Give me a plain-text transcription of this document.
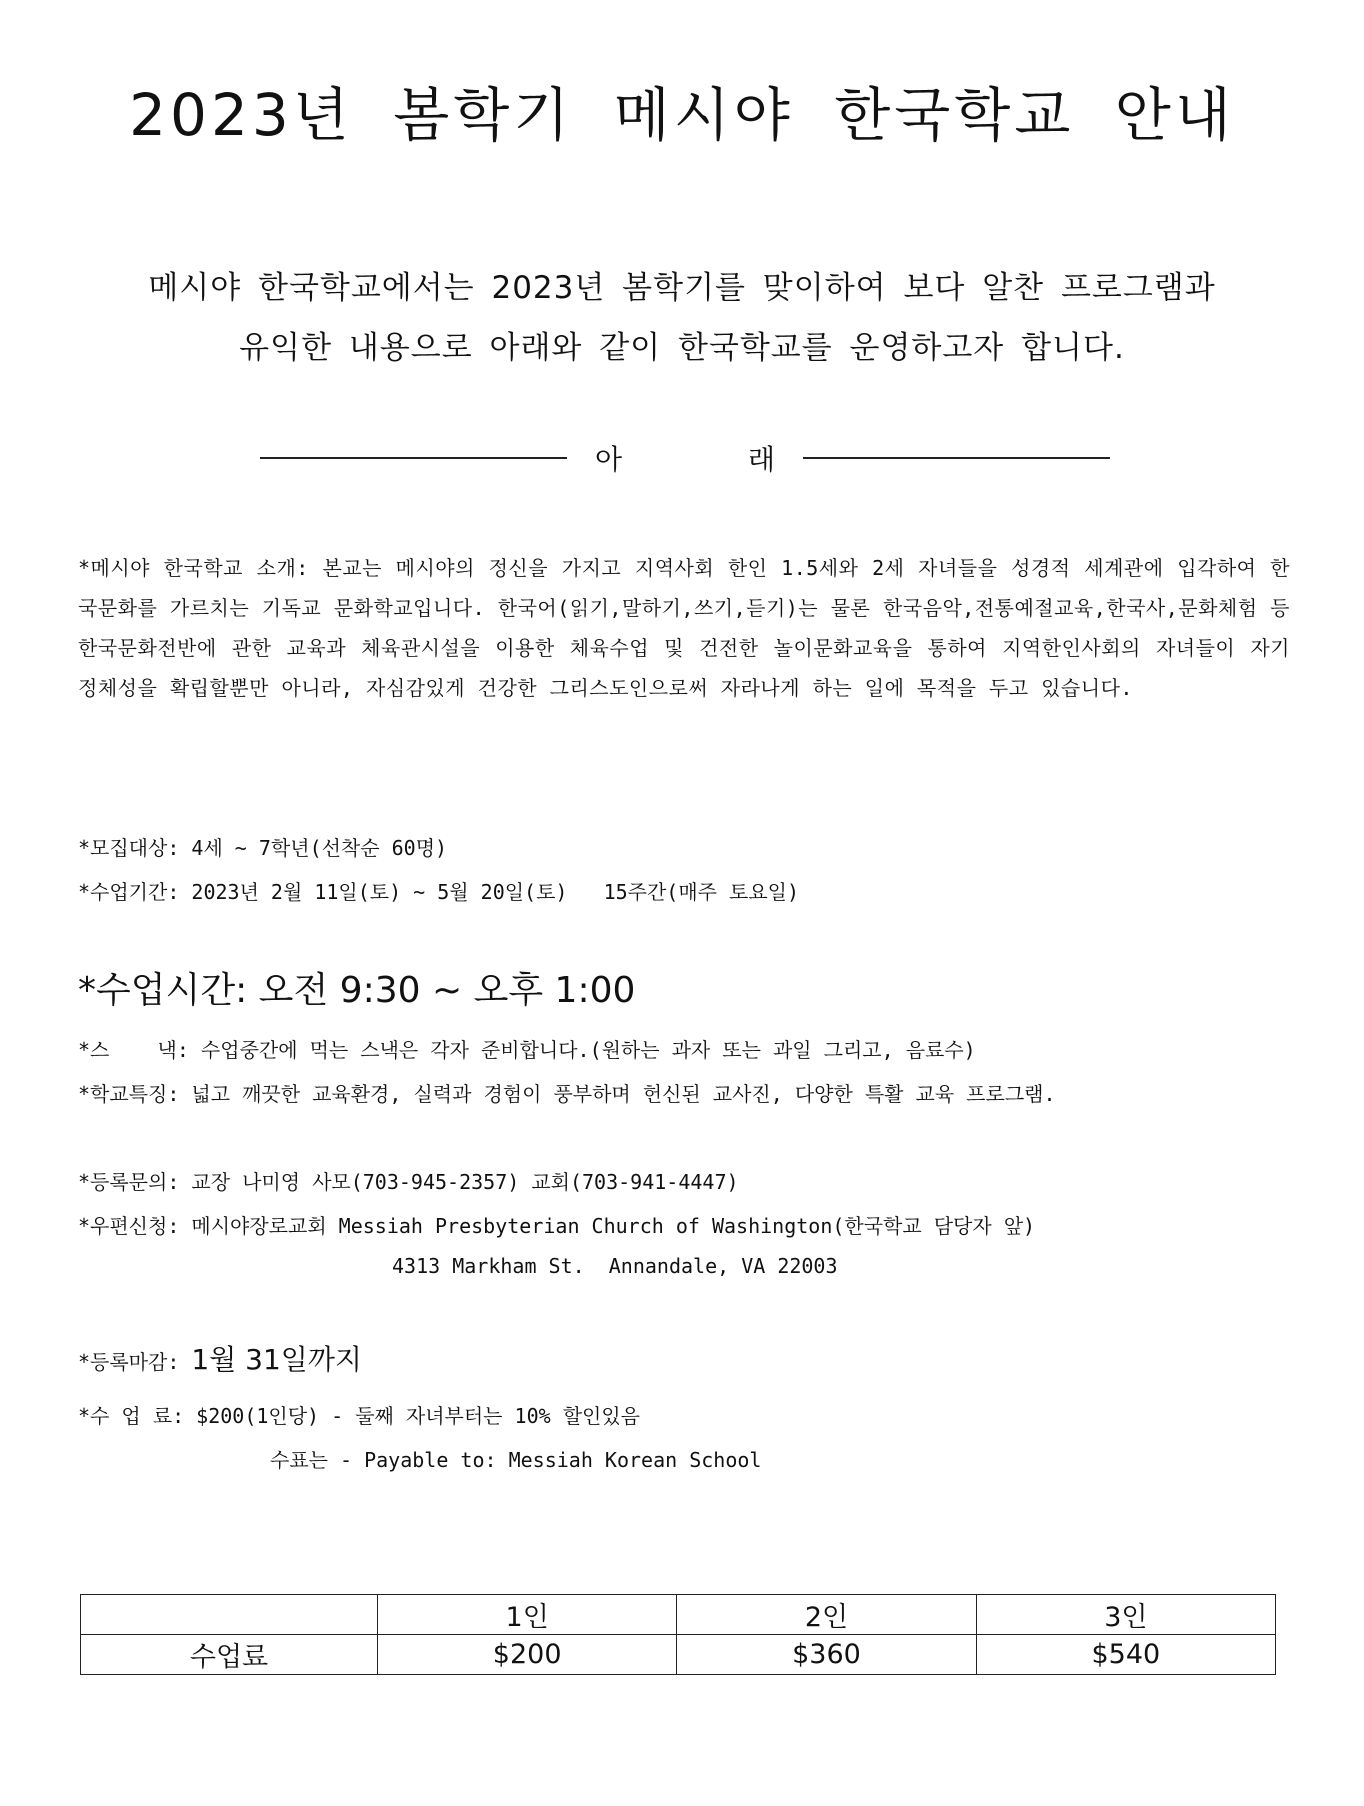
2023년 봄학기 메시야 한국학교 안내
메시야 한국학교에서는 2023년 봄학기를 맞이하여 보다 알찬 프로그램과
유익한 내용으로 아래와 같이 한국학교를 운영하고자 합니다.
아	래
*메시야 한국학교 소개: 본교는 메시야의 정신을 가지고 지역사회 한인 1.5세와 2세 자녀들을 성경적 세계관에 입각하여 한국문화를 가르치는 기독교 문화학교입니다. 한국어(읽기,말하기,쓰기,듣기)는 물론 한국음악,전통예절교육,한국사,문화체험 등 한국문화전반에 관한 교육과 체육관시설을 이용한 체육수업 및 건전한 놀이문화교육을 통하여 지역한인사회의 자녀들이 자기 정체성을 확립할뿐만 아니라, 자심감있게 건강한 그리스도인으로써 자라나게 하는 일에 목적을 두고 있습니다.
*모집대상: 4세 ~ 7학년(선착순 60명)
*수업기간: 2023년 2월 11일(토) ~ 5월 20일(토)   15주간(매주 토요일)
*수업시간: 오전 9:30 ~ 오후 1:00
*스    낵: 수업중간에 먹는 스낵은 각자 준비합니다.(원하는 과자 또는 과일 그리고, 음료수)
*학교특징: 넓고 깨끗한 교육환경, 실력과 경험이 풍부하며 헌신된 교사진, 다양한 특활 교육 프로그램.
*등록문의: 교장 나미영 사모(703-945-2357) 교회(703-941-4447)
*우편신청: 메시야장로교회 Messiah Presbyterian Church of Washington(한국학교 담당자 앞)
4313 Markham St.  Annandale, VA 22003
*등록마감: 1월 31일까지
*수 업 료: $200(1인당) - 둘째 자녀부터는 10% 할인있음
수표는 - Payable to: Messiah Korean School
	1인	2인	3인
수업료	$200	$360	$540
